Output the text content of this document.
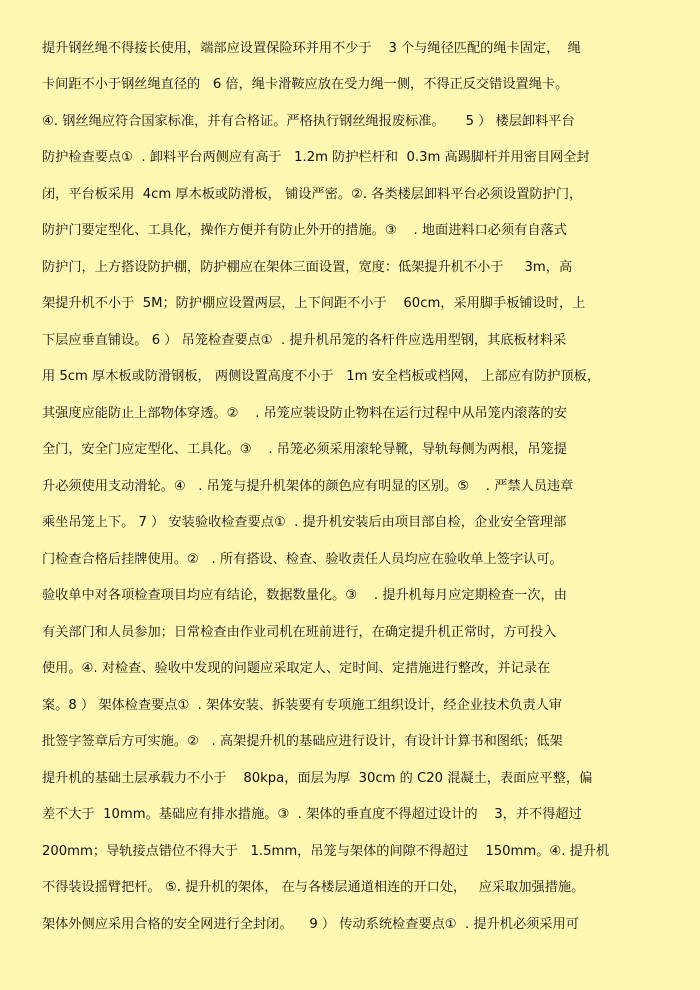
提升钢丝绳不得接长使用，端部应设置保险环并用不少于    3 个与绳径匹配的绳卡固定，  绳
卡间距不小于钢丝绳直径的   6 倍，绳卡滑鞍应放在受力绳一侧，不得正反交错设置绳卡。
④. 钢丝绳应符合国家标准，并有合格证。严格执行钢丝绳报废标准。     5 ） 楼层卸料平台
防护检查要点①  . 卸料平台两侧应有高于   1.2m 防护栏杆和  0.3m 高踢脚杆并用密目网全封
闭，平台板采用  4cm 厚木板或防滑板， 铺设严密。②. 各类楼层卸料平台必须设置防护门，
防护门要定型化、工具化，操作方便并有防止外开的措施。③    . 地面进料口必须有自落式
防护门，上方搭设防护棚，防护棚应在架体三面设置，宽度：低架提升机不小于     3m，高
架提升机不小于  5M；防护棚应设置两层，上下间距不小于    60cm，采用脚手板铺设时，上
下层应垂直铺设。 6 ） 吊笼检查要点①  . 提升机吊笼的各杆件应选用型钢，其底板材料采
用 5cm 厚木板或防滑钢板， 两侧设置高度不小于   1m 安全档板或档网， 上部应有防护顶板，
其强度应能防止上部物体穿透。②    . 吊笼应装设防止物料在运行过程中从吊笼内滚落的安
全门，安全门应定型化、工具化。③    . 吊笼必须采用滚轮导靴，导轨每侧为两根，吊笼提
升必须使用支动滑轮。④   . 吊笼与提升机架体的颜色应有明显的区别。⑤    . 严禁人员违章
乘坐吊笼上下。 7 ） 安装验收检查要点①  . 提升机安装后由项目部自检，企业安全管理部
门检查合格后挂牌使用。②   . 所有搭设、检查、验收责任人员均应在验收单上签字认可。
验收单中对各项检查项目均应有结论，数据数量化。③    . 提升机每月应定期检查一次，由
有关部门和人员参加；日常检查由作业司机在班前进行，在确定提升机正常时，方可投入
使用。④. 对检查、验收中发现的问题应采取定人、定时间、定措施进行整改，并记录在
案。8 ） 架体检查要点①  . 架体安装、拆装要有专项施工组织设计，经企业技术负责人审
批签字签章后方可实施。②   . 高架提升机的基础应进行设计，有设计计算书和图纸；低架
提升机的基础土层承载力不小于    80kpa，面层为厚  30cm 的 C20 混凝土，表面应平整，偏
差不大于  10mm。基础应有排水措施。③  . 架体的垂直度不得超过设计的    3，并不得超过
200mm；导轨接点错位不得大于   1.5mm，吊笼与架体的间隙不得超过    150mm。④. 提升机
不得装设摇臂把杆。 ⑤. 提升机的架体， 在与各楼层通道相连的开口处，   应采取加强措施。
架体外侧应采用合格的安全网进行全封闭。    9 ） 传动系统检查要点①  . 提升机必须采用可
